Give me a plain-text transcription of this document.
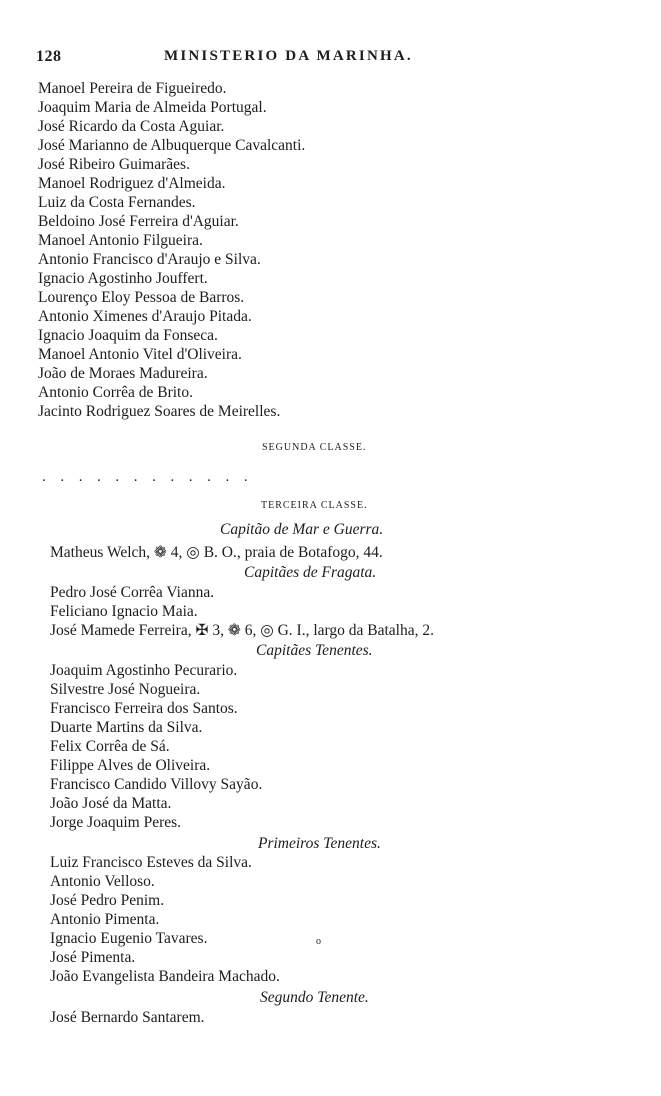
128	MINISTERIO DA MARINHA.
Manoel Pereira de Figueiredo.
Joaquim Maria de Almeida Portugal.
José Ricardo da Costa Aguiar.
José Marianno de Albuquerque Cavalcanti.
José Ribeiro Guimarães.
Manoel Rodriguez d'Almeida.
Luiz da Costa Fernandes.
Beldoino José Ferreira d'Aguiar.
Manoel Antonio Filgueira.
Antonio Francisco d'Araujo e Silva.
Ignacio Agostinho Jouffert.
Lourenço Eloy Pessoa de Barros.
Antonio Ximenes d'Araujo Pitada.
Ignacio Joaquim da Fonseca.
Manoel Antonio Vitel d'Oliveira.
João de Moraes Madureira.
Antonio Corrêa de Brito.
Jacinto Rodriguez Soares de Meirelles.
SEGUNDA CLASSE.
............
TERCEIRA CLASSE.
Capitão de Mar e Guerra.
Matheus Welch, ❁ 4, ◎ B. O., praia de Botafogo, 44.
Capitães de Fragata.
Pedro José Corrêa Vianna.
Feliciano Ignacio Maia.
José Mamede Ferreira, ✠ 3, ❁ 6, ◎ G. I., largo da Batalha, 2.
Capitães Tenentes.
Joaquim Agostinho Pecurario.
Silvestre José Nogueira.
Francisco Ferreira dos Santos.
Duarte Martins da Silva.
Felix Corrêa de Sá.
Filippe Alves de Oliveira.
Francisco Candido Villovy Sayão.
João José da Matta.
Jorge Joaquim Peres.
Primeiros Tenentes.
Luiz Francisco Esteves da Silva.
Antonio Velloso.
José Pedro Penim.
Antonio Pimenta.
Ignacio Eugenio Tavares.
José Pimenta.
João Evangelista Bandeira Machado.
Segundo Tenente.
José Bernardo Santarem.
o
